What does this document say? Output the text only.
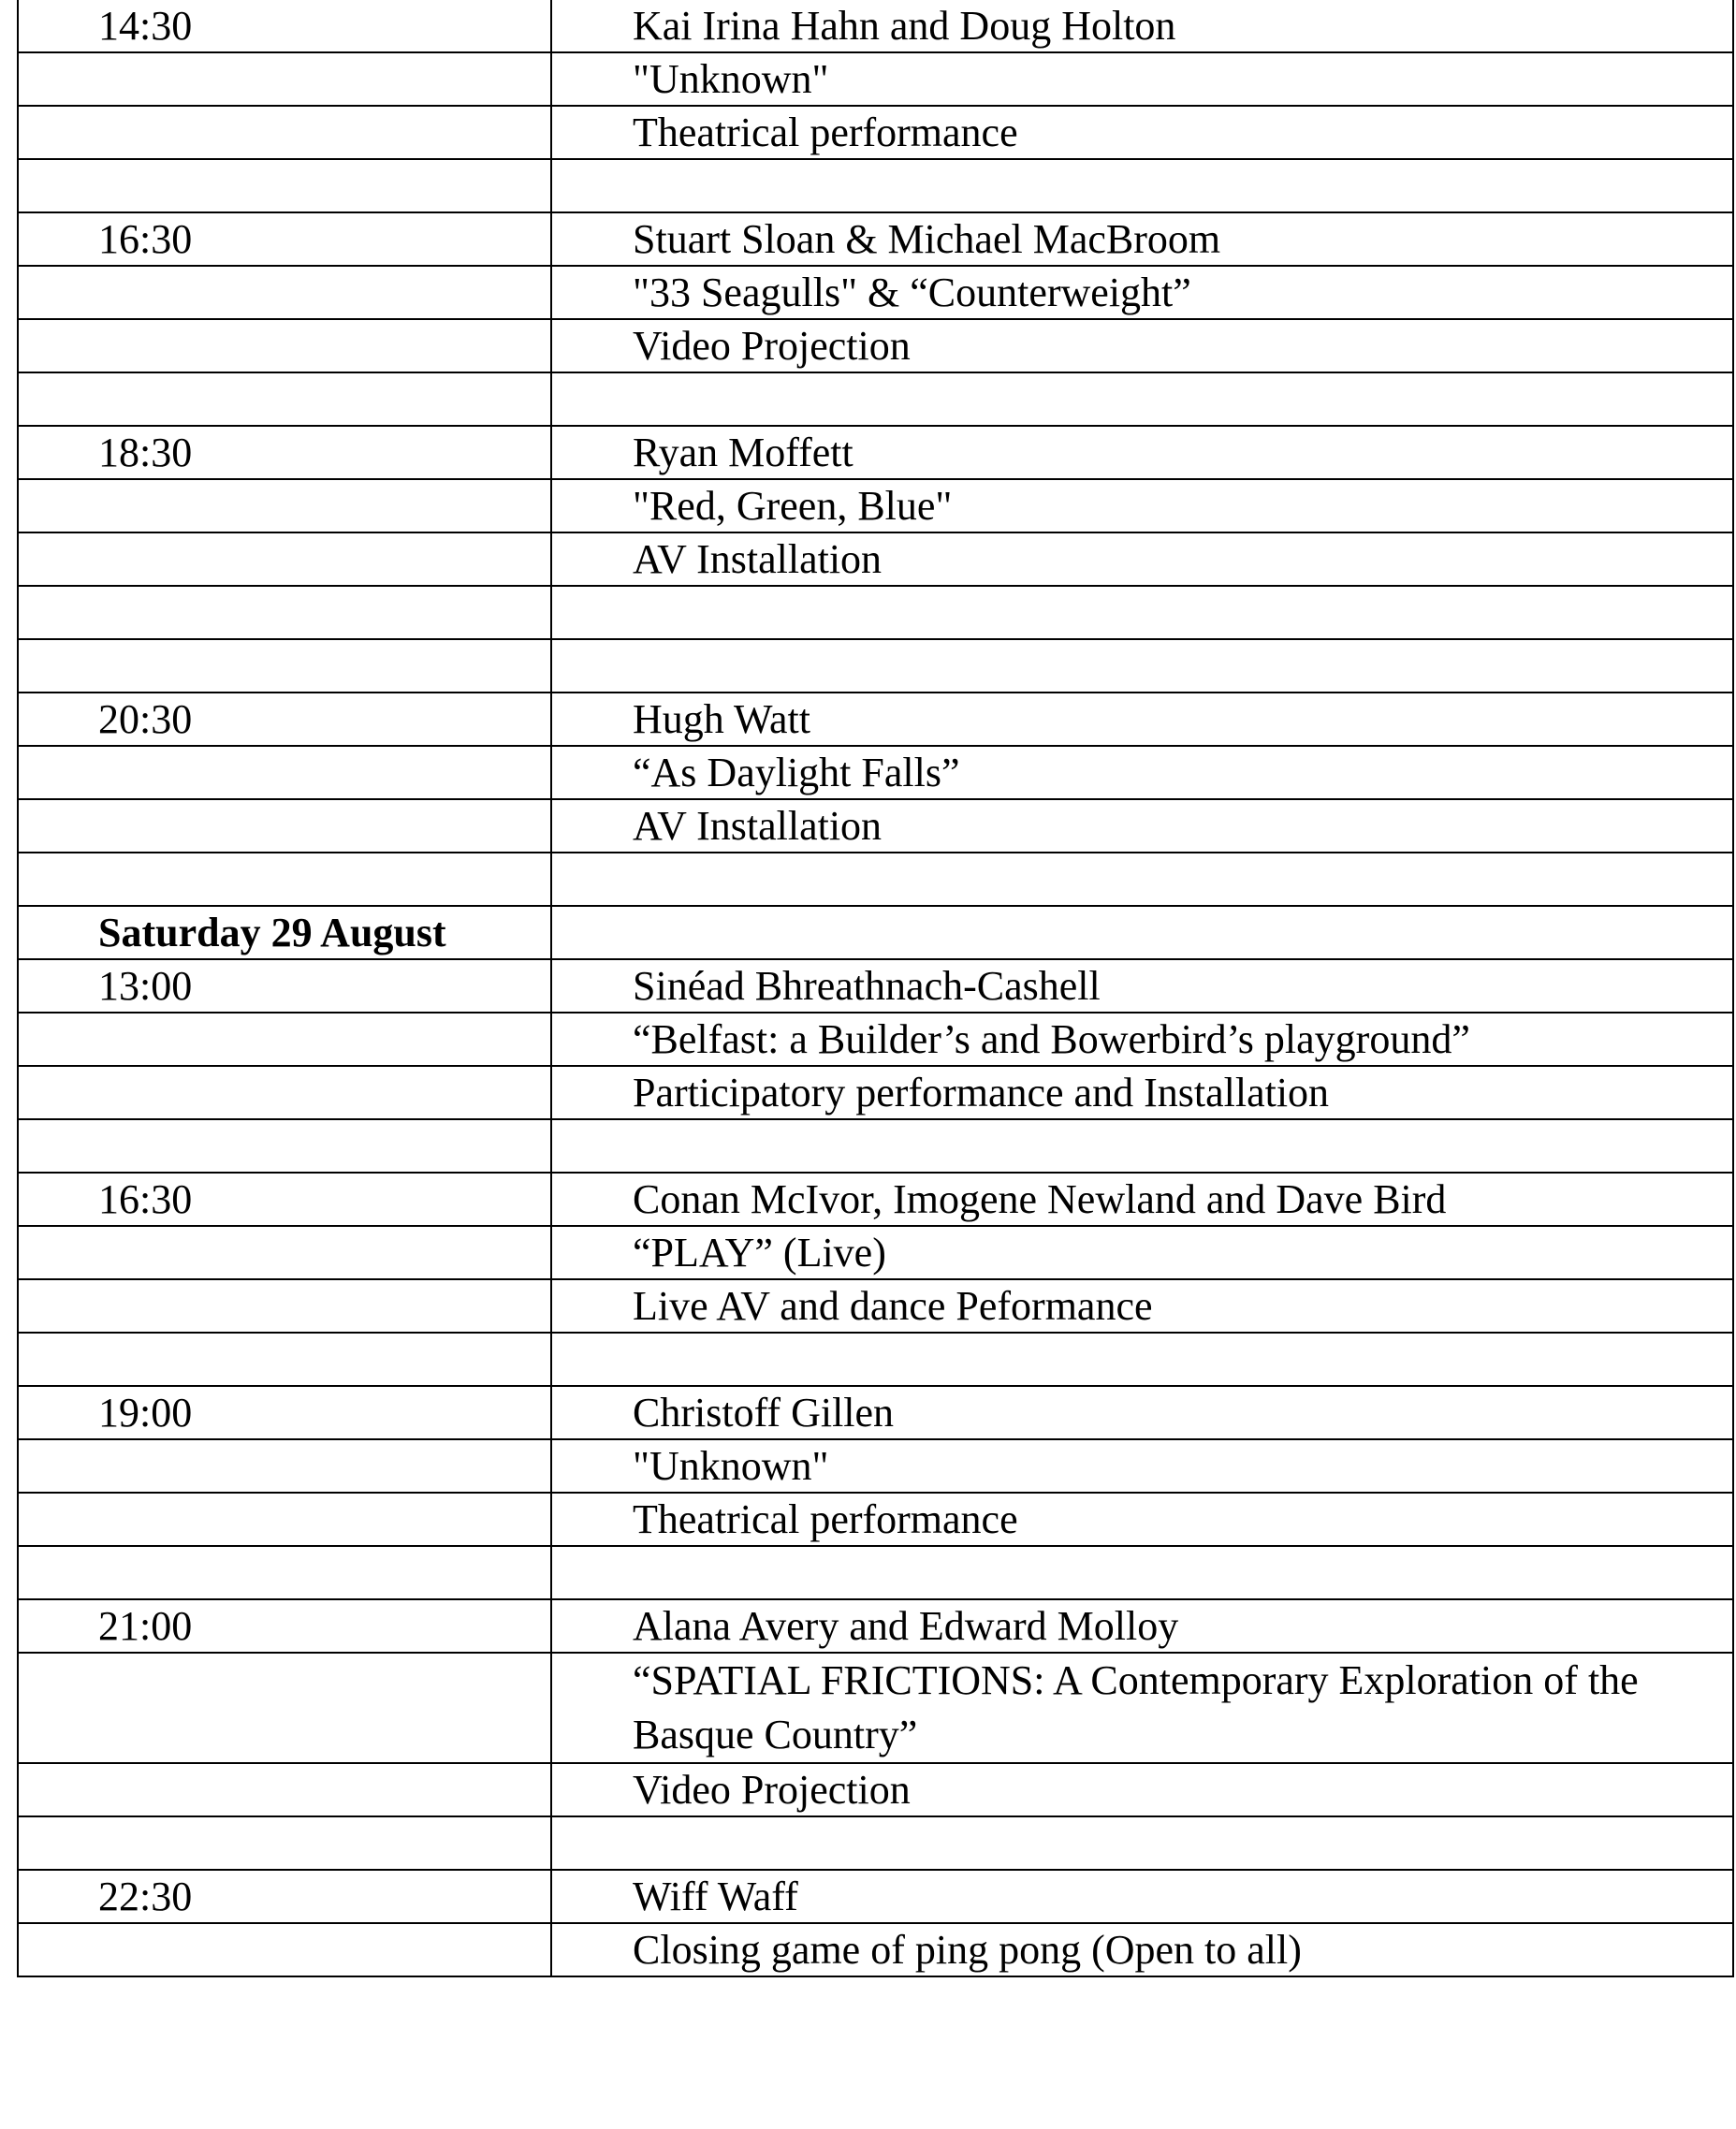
14:30	Kai Irina Hahn and Doug Holton
	"Unknown"
	Theatrical performance

16:30	Stuart Sloan & Michael MacBroom
	"33 Seagulls" & “Counterweight”
	Video Projection

18:30	Ryan Moffett
	"Red, Green, Blue"
	AV Installation

20:30	Hugh Watt
	“As Daylight Falls”
	AV Installation

Saturday 29 August	
13:00	Sinéad Bhreathnach-Cashell
	“Belfast: a Builder’s and Bowerbird’s playground”
	Participatory performance and Installation

16:30	Conan McIvor, Imogene Newland and Dave Bird
	“PLAY” (Live)
	Live AV and dance Peformance

19:00	Christoff Gillen
	"Unknown"
	Theatrical performance

21:00	Alana Avery and Edward Molloy
	“SPATIAL FRICTIONS: A Contemporary Exploration of the Basque Country”
	Video Projection

22:30	Wiff Waff
	Closing game of ping pong (Open to all)
